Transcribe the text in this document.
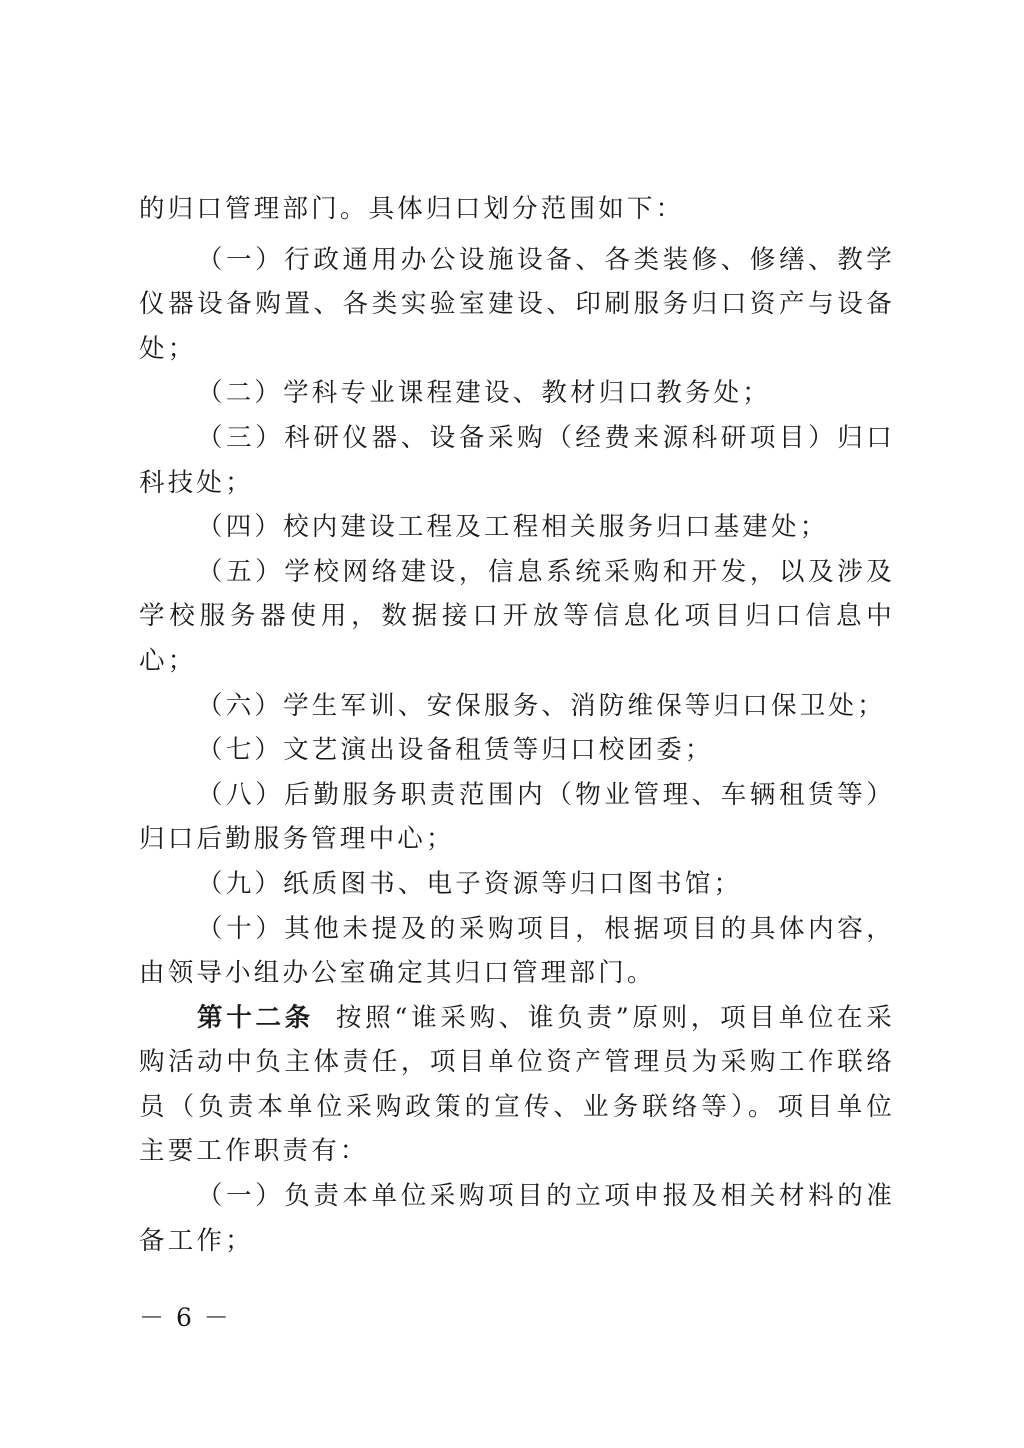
的归口管理部门。具体归口划分范围如下：

（一）行政通用办公设施设备、各类装修、修缮、教学仪器设备购置、各类实验室建设、印刷服务归口资产与设备处；

（二）学科专业课程建设、教材归口教务处；

（三）科研仪器、设备采购（经费来源科研项目）归口科技处；

（四）校内建设工程及工程相关服务归口基建处；

（五）学校网络建设，信息系统采购和开发，以及涉及学校服务器使用，数据接口开放等信息化项目归口信息中心；

（六）学生军训、安保服务、消防维保等归口保卫处；

（七）文艺演出设备租赁等归口校团委；

（八）后勤服务职责范围内（物业管理、车辆租赁等）归口后勤服务管理中心；

（九）纸质图书、电子资源等归口图书馆；

（十）其他未提及的采购项目，根据项目的具体内容，由领导小组办公室确定其归口管理部门。

第十二条 按照“谁采购、谁负责”原则，项目单位在采购活动中负主体责任，项目单位资产管理员为采购工作联络员（负责本单位采购政策的宣传、业务联络等）。项目单位主要工作职责有：

（一）负责本单位采购项目的立项申报及相关材料的准备工作；

－ 6 －
